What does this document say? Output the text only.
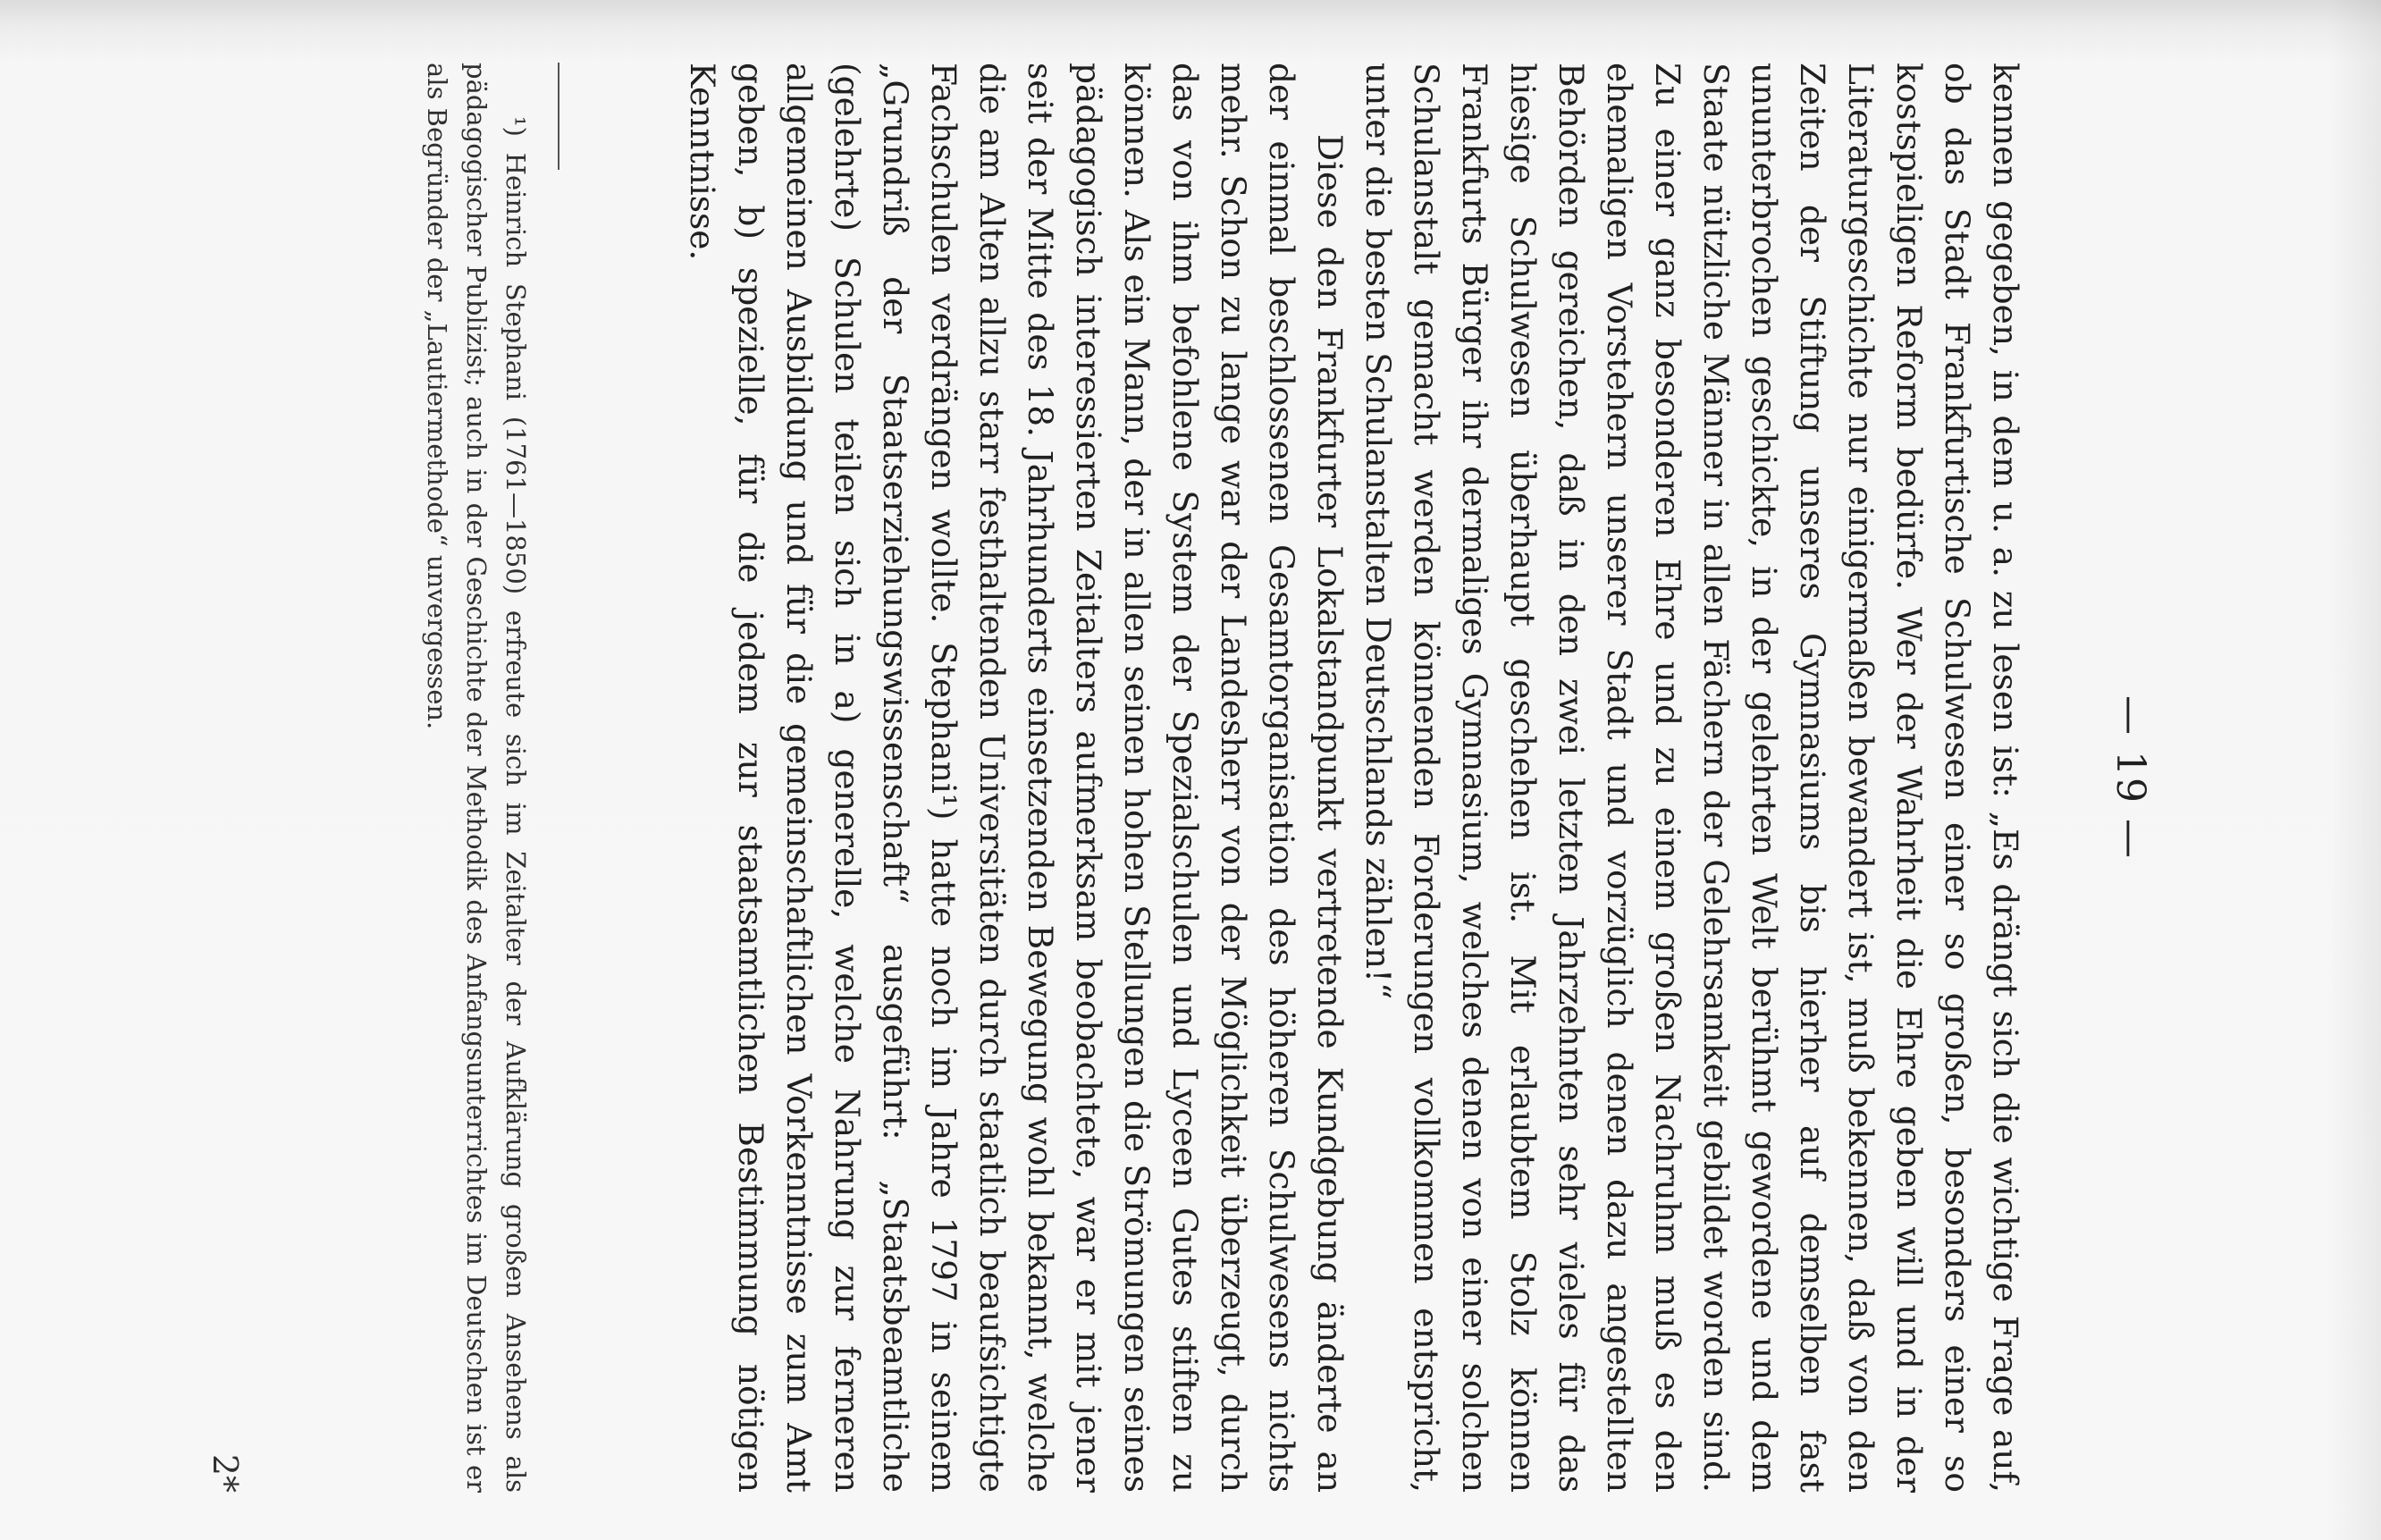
— 19 —

kennen gegeben, in dem u. a. zu lesen ist: „Es drängt sich die wichtige Frage auf, ob das Stadt Frankfurtische Schulwesen einer so großen, besonders einer so kostspieligen Reform bedürfe. Wer der Wahrheit die Ehre geben will und in der Literaturgeschichte nur einigermaßen bewandert ist, muß bekennen, daß von den Zeiten der Stiftung unseres Gymnasiums bis hierher auf demselben fast ununterbrochen geschickte, in der gelehrten Welt berühmt gewordene und dem Staate nützliche Männer in allen Fächern der Gelehrsamkeit gebildet worden sind. Zu einer ganz besonderen Ehre und zu einem großen Nachruhm muß es den ehemaligen Vorstehern unserer Stadt und vorzüglich denen dazu angestellten Behörden gereichen, daß in den zwei letzten Jahrzehnten sehr vieles für das hiesige Schulwesen überhaupt geschehen ist. Mit erlaubtem Stolz können Frankfurts Bürger ihr dermaliges Gymnasium, welches denen von einer solchen Schulanstalt gemacht werden könnenden Forderungen vollkommen entspricht, unter die besten Schulanstalten Deutschlands zählen!“

Diese den Frankfurter Lokalstandpunkt vertretende Kundgebung änderte an der einmal beschlossenen Gesamtorganisation des höheren Schulwesens nichts mehr. Schon zu lange war der Landesherr von der Möglichkeit überzeugt, durch das von ihm befohlene System der Spezialschulen und Lyceen Gutes stiften zu können. Als ein Mann, der in allen seinen hohen Stellungen die Strömungen seines pädagogisch interessierten Zeitalters aufmerksam beobachtete, war er mit jener seit der Mitte des 18. Jahrhunderts einsetzenden Bewegung wohl bekannt, welche die am Alten allzu starr festhaltenden Universitäten durch staatlich beaufsichtigte Fachschulen verdrängen wollte. Stephani¹) hatte noch im Jahre 1797 in seinem „Grundriß der Staatserziehungswissenschaft“ ausgeführt: „Staatsbeamtliche (gelehrte) Schulen teilen sich in a) generelle, welche Nahrung zur ferneren allgemeinen Ausbildung und für die gemeinschaftlichen Vorkenntnisse zum Amt geben, b) spezielle, für die jedem zur staatsamtlichen Bestimmung nötigen Kenntnisse.

¹) Heinrich Stephani (1761—1850) erfreute sich im Zeitalter der Aufklärung großen Ansehens als pädagogischer Publizist; auch in der Geschichte der Methodik des Anfangsunterrichtes im Deutschen ist er als Begründer der „Lautiermethode“ unvergessen.

2*
